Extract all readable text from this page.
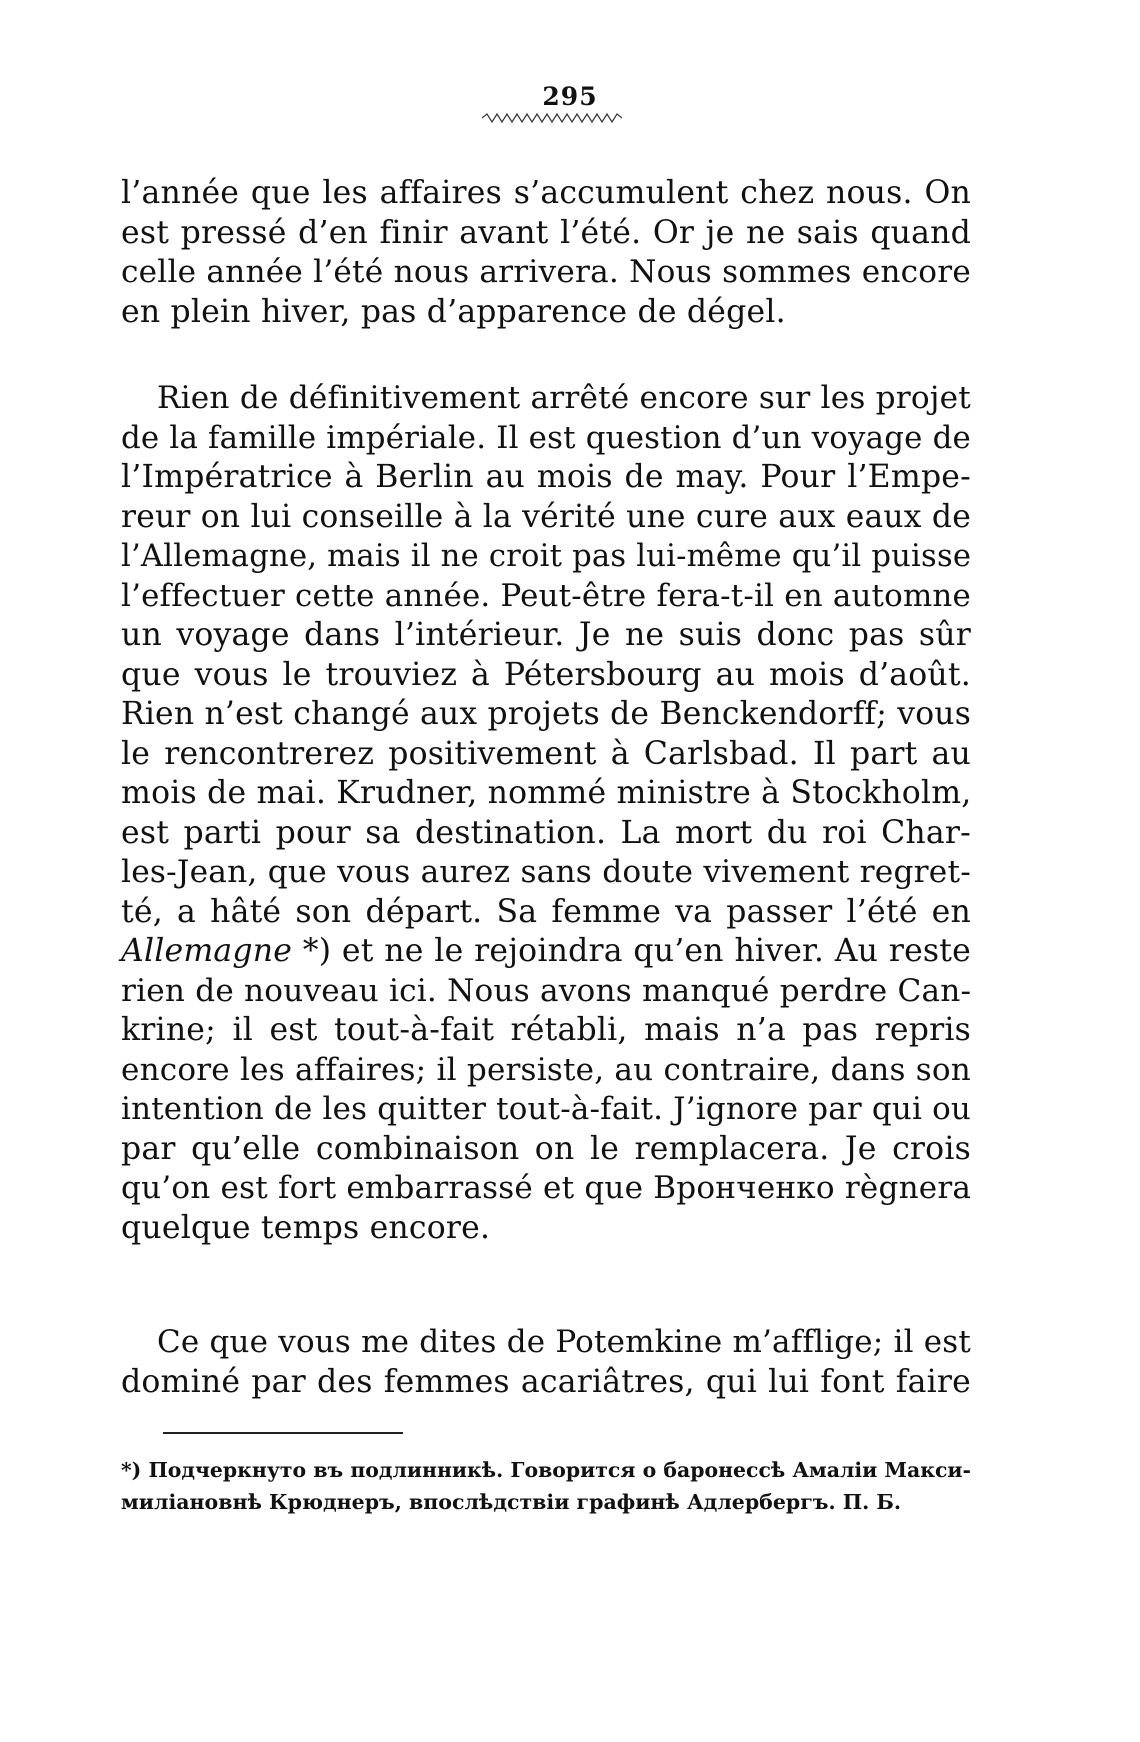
295
l’année que les affaires s’accumulent chez nous. On
est pressé d’en finir avant l’été. Or je ne sais quand
celle année l’été nous arrivera. Nous sommes encore
en plein hiver, pas d’apparence de dégel.
Rien de définitivement arrêté encore sur les projet
de la famille impériale. Il est question d’un voyage de
l’Impératrice à Berlin au mois de may. Pour l’Empe-
reur on lui conseille à la vérité une cure aux eaux de
l’Allemagne, mais il ne croit pas lui-même qu’il puisse
l’effectuer cette année. Peut-être fera-t-il en automne
un voyage dans l’intérieur. Je ne suis donc pas sûr
que vous le trouviez à Pétersbourg au mois d’août.
Rien n’est changé aux projets de Benckendorff; vous
le rencontrerez positivement à Carlsbad. Il part au
mois de mai. Krudner, nommé ministre à Stockholm,
est parti pour sa destination. La mort du roi Char-
les-Jean, que vous aurez sans doute vivement regret-
té, a hâté son départ. Sa femme va passer l’été en
Allemagne *) et ne le rejoindra qu’en hiver. Au reste
rien de nouveau ici. Nous avons manqué perdre Can-
krine; il est tout-à-fait rétabli, mais n’a pas repris
encore les affaires; il persiste, au contraire, dans son
intention de les quitter tout-à-fait. J’ignore par qui ou
par qu’elle combinaison on le remplacera. Je crois
qu’on est fort embarrassé et que Вронченко règnera
quelque temps encore.
Ce que vous me dites de Potemkine m’afflige; il est
dominé par des femmes acariâtres, qui lui font faire
*) Подчеркнуто въ подлинникѣ. Говорится о баронессѣ Амалiи Макси-
миліановнѣ Крюднеръ, впослѣдствiи графинѣ Адлербергъ. П. Б.
